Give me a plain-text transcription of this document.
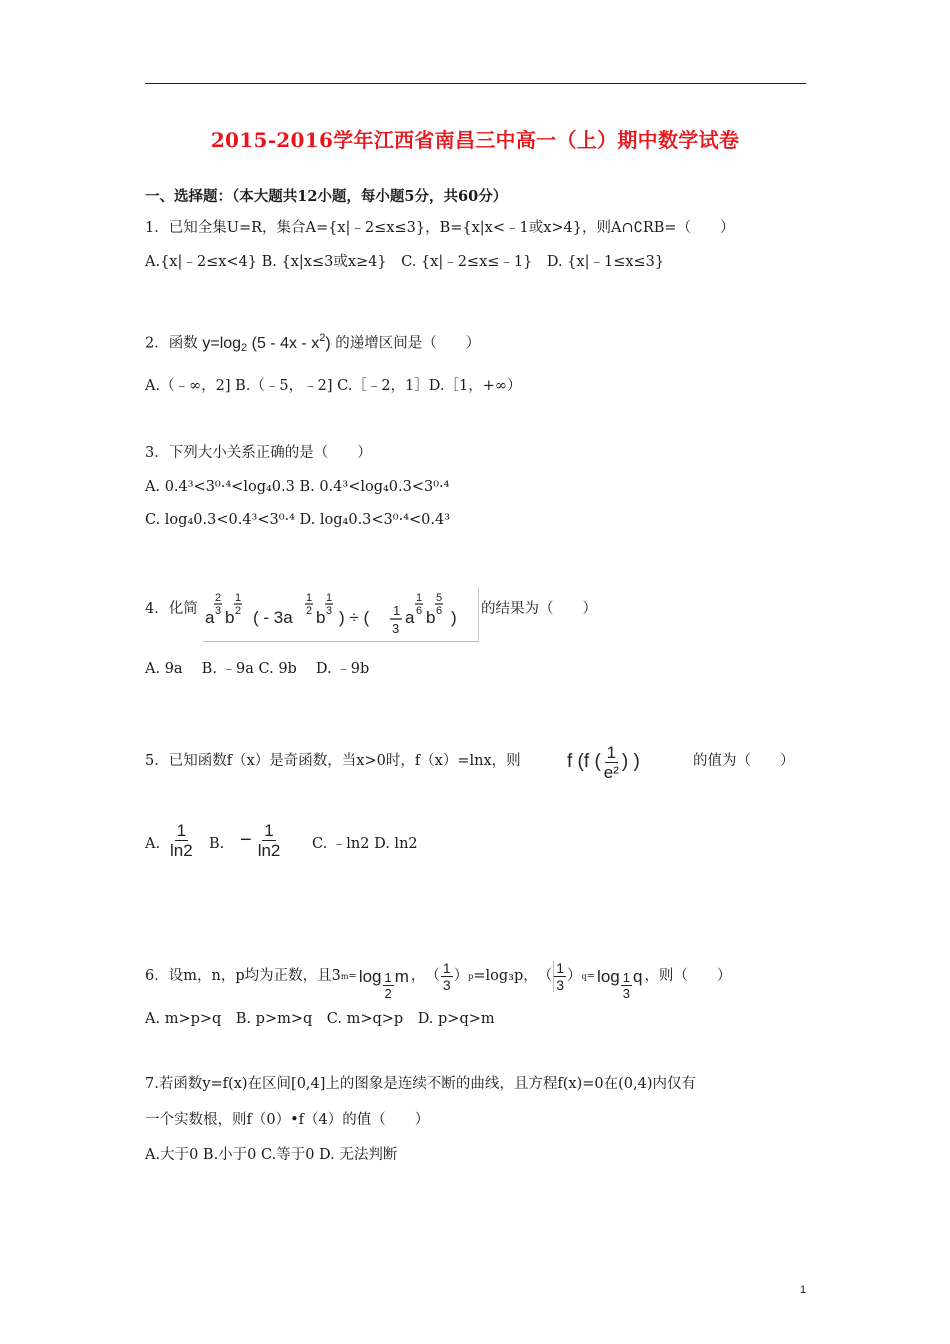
2015-2016学年江西省南昌三中高一（上）期中数学试卷
一、选择题：（本大题共12小题，每小题5分，共60分）
1．已知全集U=R，集合A={x|﹣2≤x≤3}，B={x|x<﹣1或x>4}，则A∩∁RB=（　　）
A.{x|﹣2≤x<4} B. {x|x≤3或x≥4}　C. {x|﹣2≤x≤﹣1}　D. {x|﹣1≤x≤3}
2．函数 $y=\log_2$ $(5 - 4x - x^2)$ 的递增区间是（　　）
A.（﹣∞，2] B.（﹣5，﹣2] C.［﹣2，1］D.［1，+∞）
3．下列大小关系正确的是（　　）
A. 0.4³<3⁰·⁴<log₄0.3 B. 0.4³<log₄0.3<3⁰·⁴
C. log₄0.3<0.4³<3⁰·⁴ D. log₄0.3<3⁰·⁴<0.4³
4．化简 a
2
3 b
1
2 ( - 3a
1
2 b
1
3 ) ÷ ( 1
3
a
1
6 b
5
6 ) 的结果为（　　）
A. 9a　 B. ﹣9a C. 9b　 D. ﹣9b
5．已知函数f（x）是奇函数，当x>0时，f（x）=lnx，则 f (f ( $\frac{1}{\text{e²}}$ ) )	的值为（　　）
A. $\frac{1}{\ln 2} B$. − $\frac{1}{\ln 2} C$. ﹣ln2 D. ln2
6．设m，n，p均为正数，且3 $m = \log \frac{1}{2}$ m ，　（ $\frac{1}{3}$ ） p =log₃p，　（ $\frac{1}{3}$ ） $q = \log \frac{1}{3}$ q ，则（　　）
A. m>p>q　B. p>m>q　C. m>q>p　D. p>q>m
7.若函数y=f(x)在区间[0,4]上的图象是连续不断的曲线，且方程f(x)=0在(0,4)内仅有
一个实数根，则f（0）•f（4）的值（　　）
A.大于0 B.小于0 C.等于0 D. 无法判断
1
